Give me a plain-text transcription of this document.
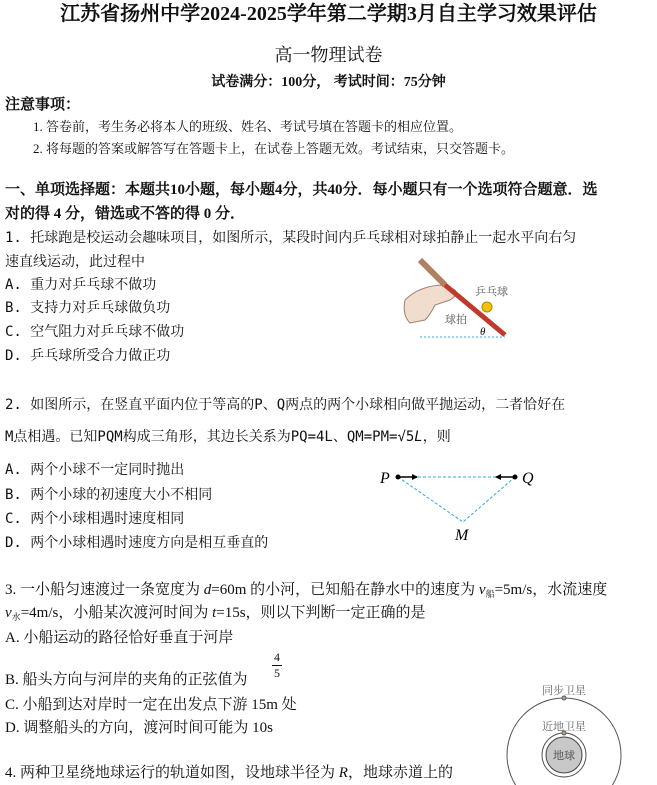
江苏省扬州中学2024-2025学年第二学期3月自主学习效果评估
高一物理试卷
试卷满分：100分， 考试时间：75分钟
注意事项：
1. 答卷前，考生务必将本人的班级、姓名、考试号填在答题卡的相应位置。
2. 将每题的答案或解答写在答题卡上，在试卷上答题无效。考试结束，只交答题卡。
一、单项选择题：本题共10小题，每小题4分，共40分．每小题只有一个选项符合题意．选
对的得 4 分，错选或不答的得 0 分．
1. 托球跑是校运动会趣味项目，如图所示，某段时间内乒乓球相对球拍静止一起水平向右匀
速直线运动，此过程中
A. 重力对乒乓球不做功
B. 支持力对乒乓球做负功
C. 空气阻力对乒乓球不做功
D. 乒乓球所受合力做正功
乒乓球
球拍
θ
2. 如图所示，在竖直平面内位于等高的P、Q两点的两个小球相向做平抛运动，二者恰好在
M点相遇。已知PQM构成三角形，其边长关系为PQ=4L、QM=PM=√5L，则
A. 两个小球不一定同时抛出
B. 两个小球的初速度大小不相同
C. 两个小球相遇时速度相同
D. 两个小球相遇时速度方向是相互垂直的
P	Q
M
3. 一小船匀速渡过一条宽度为 d=60m 的小河，已知船在静水中的速度为 $v_船=5m/s$，水流速度
$v_水=4m/s$，小船某次渡河时间为 t=15s，则以下判断一定正确的是
A. 小船运动的路径恰好垂直于河岸
B. 船头方向与河岸的夹角的正弦值为
4
5
C. 小船到达对岸时一定在出发点下游 15m 处
D. 调整船头的方向，渡河时间可能为 10s
4. 两种卫星绕地球运行的轨道如图，设地球半径为 R，地球赤道上的
同步卫星
近地卫星
地球
